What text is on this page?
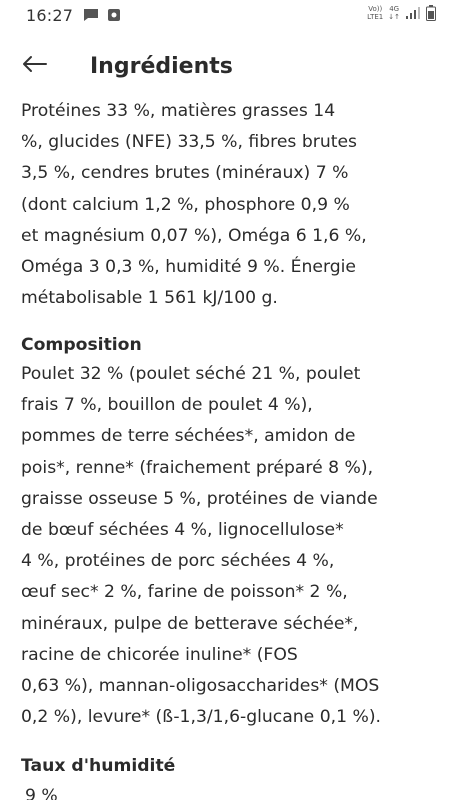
16:27	Vo))
LTE1
4G
↓↑
Ingrédients
Protéines 33 %, matières grasses 14
%, glucides (NFE) 33,5 %, fibres brutes
3,5 %, cendres brutes (minéraux) 7 %
(dont calcium 1,2 %, phosphore 0,9 %
et magnésium 0,07 %), Oméga 6 1,6 %,
Oméga 3 0,3 %, humidité 9 %. Énergie
métabolisable 1 561 kJ/100 g.
Composition
Poulet 32 % (poulet séché 21 %, poulet
frais 7 %, bouillon de poulet 4 %),
pommes de terre séchées*, amidon de
pois*, renne* (fraichement préparé 8 %),
graisse osseuse 5 %, protéines de viande
de bœuf séchées 4 %, lignocellulose*
4 %, protéines de porc séchées 4 %,
œuf sec* 2 %, farine de poisson* 2 %,
minéraux, pulpe de betterave séchée*,
racine de chicorée inuline* (FOS
0,63 %), mannan-oligosaccharides* (MOS
0,2 %), levure* (ß-1,3/1,6-glucane 0,1 %).
Taux d'humidité
9 %
